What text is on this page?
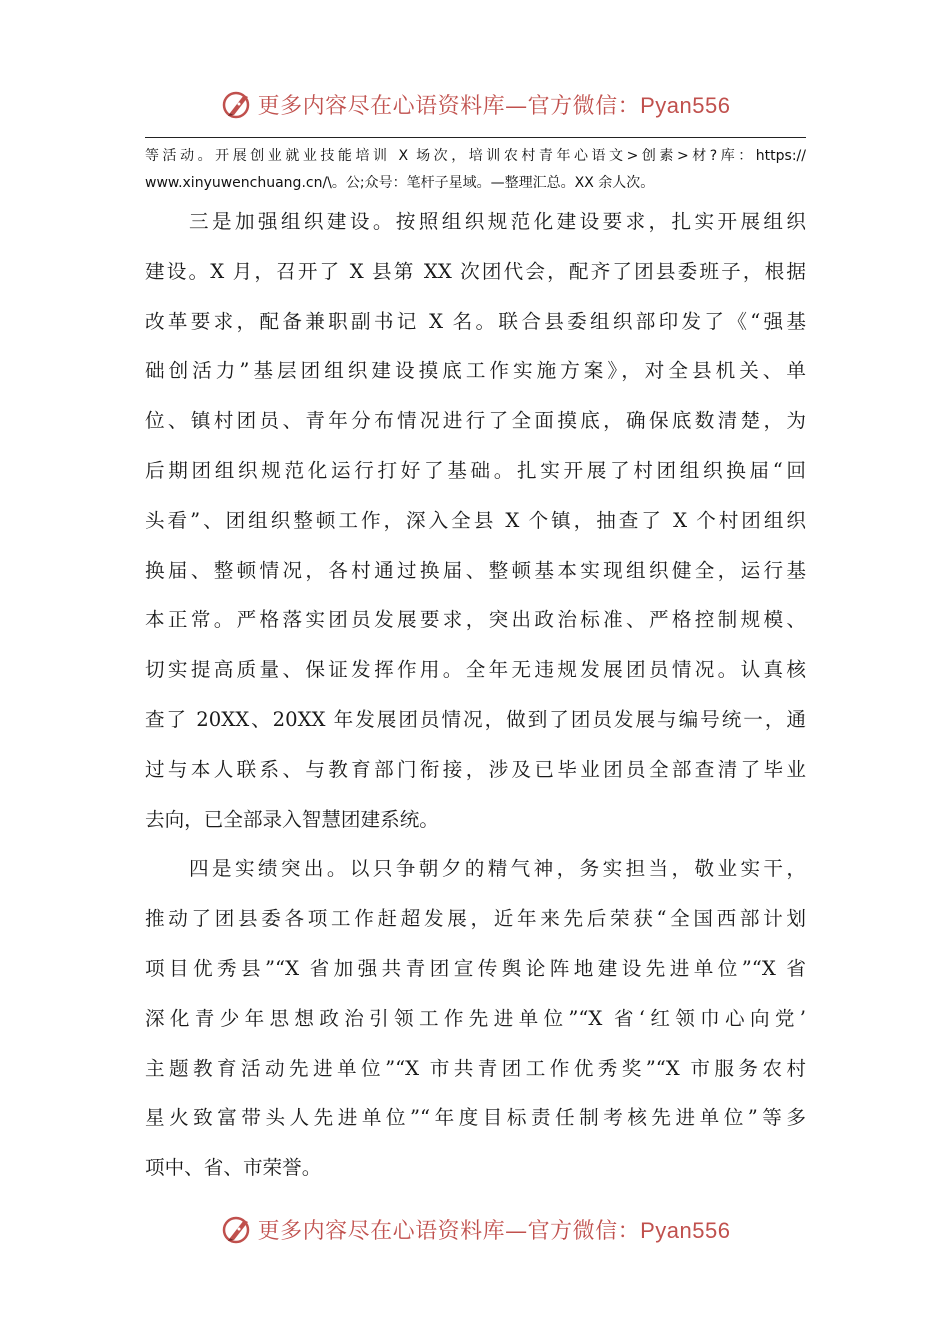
更多内容尽在心语资料库—官方微信：Pyan556
等活动。开展创业就业技能培训 X 场次，培训农村青年心语文>创素>材?库：https://
www.xinyuwenchuang.cn/\。公;众号：笔杆子星域。—整理汇总。XX 余人次。
三是加强组织建设。按照组织规范化建设要求，扎实开展组织
建设。X 月，召开了 X 县第 XX 次团代会，配齐了团县委班子，根据
改革要求，配备兼职副书记 X 名。联合县委组织部印发了《“强基
础创活力”基层团组织建设摸底工作实施方案》，对全县机关、单
位、镇村团员、青年分布情况进行了全面摸底，确保底数清楚，为
后期团组织规范化运行打好了基础。扎实开展了村团组织换届“回
头看”、团组织整顿工作，深入全县 X 个镇，抽查了 X 个村团组织
换届、整顿情况，各村通过换届、整顿基本实现组织健全，运行基
本正常。严格落实团员发展要求，突出政治标准、严格控制规模、
切实提高质量、保证发挥作用。全年无违规发展团员情况。认真核
查了 20XX、20XX 年发展团员情况，做到了团员发展与编号统一，通
过与本人联系、与教育部门衔接，涉及已毕业团员全部查清了毕业
去向，已全部录入智慧团建系统。
四是实绩突出。以只争朝夕的精气神，务实担当，敬业实干，
推动了团县委各项工作赶超发展，近年来先后荣获“全国西部计划
项目优秀县”“X 省加强共青团宣传舆论阵地建设先进单位”“X 省
深化青少年思想政治引领工作先进单位”“X 省‘红领巾心向党’
主题教育活动先进单位”“X 市共青团工作优秀奖”“X 市服务农村
星火致富带头人先进单位”“年度目标责任制考核先进单位”等多
项中、省、市荣誉。
更多内容尽在心语资料库—官方微信：Pyan556
